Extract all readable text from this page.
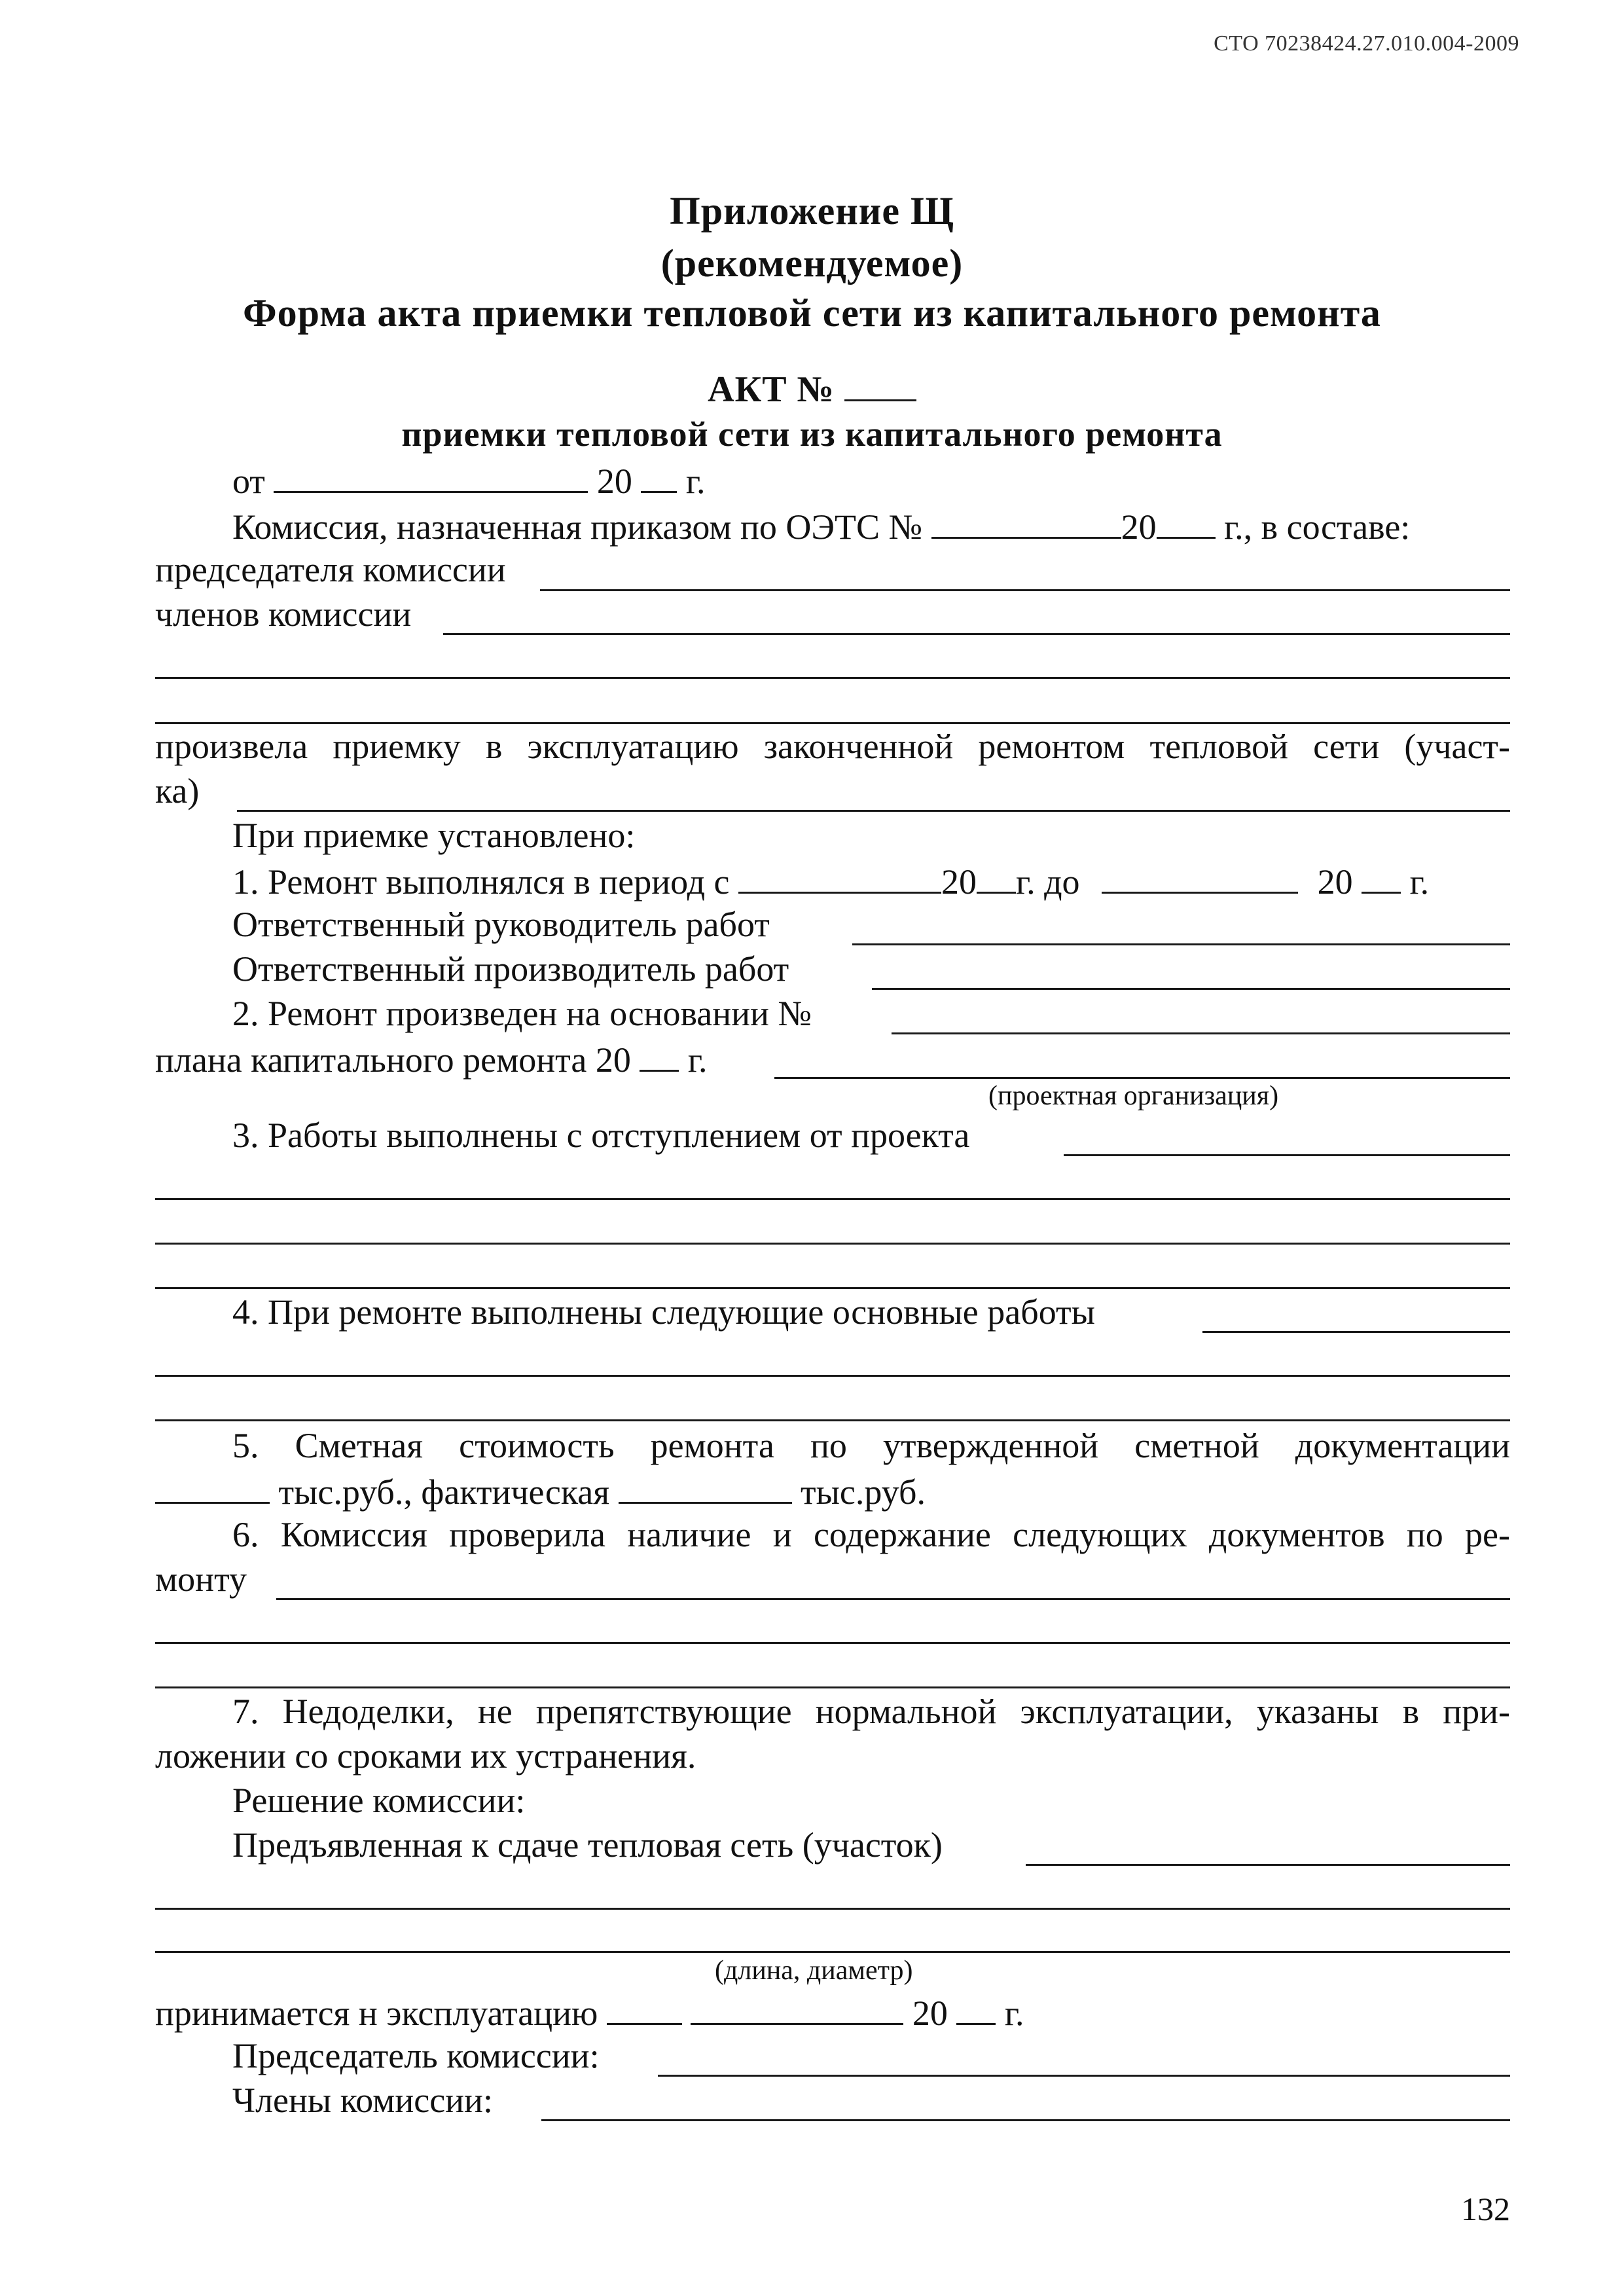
СТО 70238424.27.010.004-2009
Приложение Щ
(рекомендуемое)
Форма акта приемки тепловой сети из капитального ремонта
АКТ №
приемки тепловой сети из капитального ремонта
от	20 г.
Комиссия, назначенная приказом по ОЭТС №	20 г., в составе:
председателя комиссии
членов комиссии
произвела приемку в эксплуатацию законченной ремонтом тепловой сети (участ-
ка)
При приемке установлено:
1. Ремонт выполнялся в период с	20 г. до	20 г.
Ответственный руководитель работ
Ответственный производитель работ
2. Ремонт произведен на основании №
плана капитального ремонта 20 г.
(проектная организация)
3. Работы выполнены с отступлением от проекта
4. При ремонте выполнены следующие основные работы
5. Сметная стоимость ремонта по утвержденной сметной документации
тыс.руб., фактическая	тыс.руб.
6. Комиссия проверила наличие и содержание следующих документов по ре-
монту
7. Недоделки, не препятствующие нормальной эксплуатации, указаны в при-
ложении со сроками их устранения.
Решение комиссии:
Предъявленная к сдаче тепловая сеть (участок)
(длина, диаметр)
принимается н эксплуатацию	20 г.
Председатель комиссии:
Члены комиссии:
132
